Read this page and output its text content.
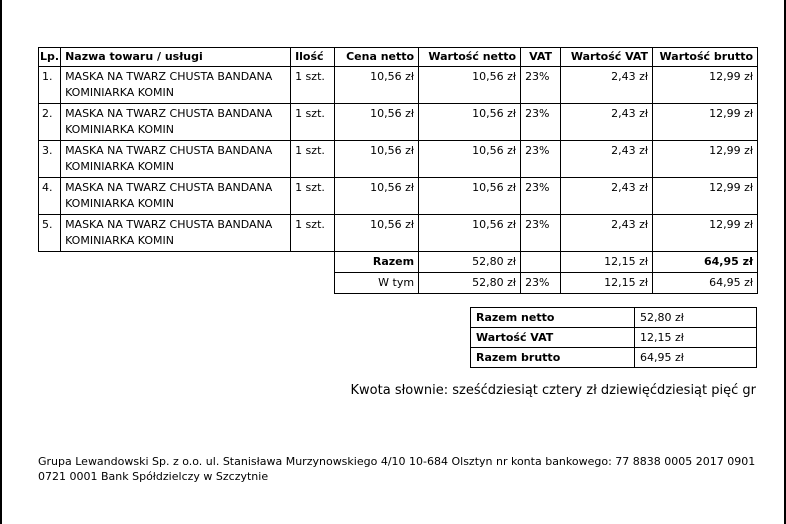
Lp.	Nazwa towaru / usługi	Ilość	Cena netto	Wartość netto	VAT	Wartość VAT	Wartość brutto
1.	MASKA NA TWARZ CHUSTA BANDANA KOMINIARKA KOMIN	1 szt.	10,56 zł	10,56 zł	23%	2,43 zł	12,99 zł
2.	MASKA NA TWARZ CHUSTA BANDANA KOMINIARKA KOMIN	1 szt.	10,56 zł	10,56 zł	23%	2,43 zł	12,99 zł
3.	MASKA NA TWARZ CHUSTA BANDANA KOMINIARKA KOMIN	1 szt.	10,56 zł	10,56 zł	23%	2,43 zł	12,99 zł
4.	MASKA NA TWARZ CHUSTA BANDANA KOMINIARKA KOMIN	1 szt.	10,56 zł	10,56 zł	23%	2,43 zł	12,99 zł
5.	MASKA NA TWARZ CHUSTA BANDANA KOMINIARKA KOMIN	1 szt.	10,56 zł	10,56 zł	23%	2,43 zł	12,99 zł
			Razem	52,80 zł		12,15 zł	64,95 zł
			W tym	52,80 zł	23%	12,15 zł	64,95 zł
Razem netto	52,80 zł
Wartość VAT	12,15 zł
Razem brutto	64,95 zł
Kwota słownie: sześćdziesiąt cztery zł dziewięćdziesiąt pięć gr
Grupa Lewandowski Sp. z o.o. ul. Stanisława Murzynowskiego 4/10 10-684 Olsztyn nr konta bankowego: 77 8838 0005 2017 0901 0721 0001 Bank Spółdzielczy w Szczytnie
